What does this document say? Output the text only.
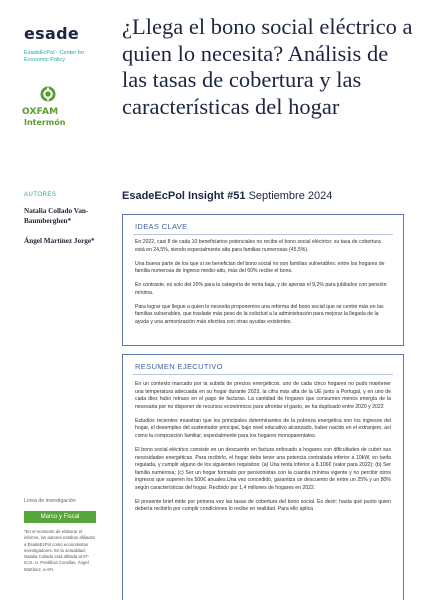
esade
EsadeEcPol - Center for Economic Policy
OXFAM
Intermón
AUTORES
Natalia Collado Van-Baumberghen*
Ángel Martínez Jorge*
Línea de investigación
Marco y Fiscal
*En el momento de elaborar el informe, los autores estaban afiliados a EsadeEcPol como economistas investigadores. En la actualidad, Natalia Collado está afiliada al IIT-ICAI, U. Pontificia Comillas. Ángel Martínez, a AFI.
¿Llega el bono social eléctrico a quien lo necesita? Análisis de las tasas de cobertura y las características del hogar
EsadeEcPol Insight #51 Septiembre 2024
IDEAS CLAVE

En 2022, casi 8 de cada 10 beneficiarios potenciales no recibe el bono social eléctrico: su tasa de cobertura está en 24,5%, siendo especialmente alta para familias numerosas (45,5%).

Una buena parte de los que sí se benefician del bono social no son familias vulnerables: entre los hogares de familia numerosa de ingreso medio-alto, más del 60% recibe el bono.

En contraste, es solo del 20% para la categoría de renta baja, y de apenas el 9,2% para jubilados con pensión mínima.

Para lograr que llegue a quien lo necesita proponemos una reforma del bono social que se centre más en las familias vulnerables, que traslade más peso de la solicitud a la administración para mejorar la llegada de la ayuda y una armonización más efectiva con otras ayudas existentes.

RESUMEN EJECUTIVO

En un contexto marcado por la subida de precios energéticos, uno de cada cinco hogares no pudo mantener una temperatura adecuada en su hogar durante 2023, la cifra más alta de la UE junto a Portugal, y en uno de cada diez hubo retraso en el pago de facturas. La cantidad de hogares que consumen menos energía de la necesaria por no disponer de recursos económicos para afrontar el gasto, se ha duplicado entre 2020 y 2022

Estudios recientes muestran que los principales determinantes de la pobreza energética son los ingresos del hogar, el desempleo del sustentador principal, bajo nivel educativo alcanzado, haber nacido en el extranjero, así como la composición familiar, especialmente para los hogares monoparentales.

El bono social eléctrico consiste en un descuento en factura enfocado a hogares con dificultades de cubrir sus necesidades energéticas. Para recibirlo, el hogar debe tener una potencia contratada inferior a 10kW, en tarifa regulada, y cumplir alguno de los siguientes requisitos: (a) Una renta inferior a 8.106€ (valor para 2022); (b) Ser familia numerosa; (c) Ser un hogar formado por pensionistas con la cuantía mínima vigente y no percibir otros ingresos que superen los 500€ anuales.Una vez concedido, garantiza un descuento de entre un 25% y un 80% según características del hogar. Recibido por 1,4 millones de hogares en 2022.

El presente brief mide por primera vez las tasas de cobertura del bono social. Es decir: hasta qué punto quien debería recibirlo por cumplir condiciones lo recibe en realidad. Para ello aplica
